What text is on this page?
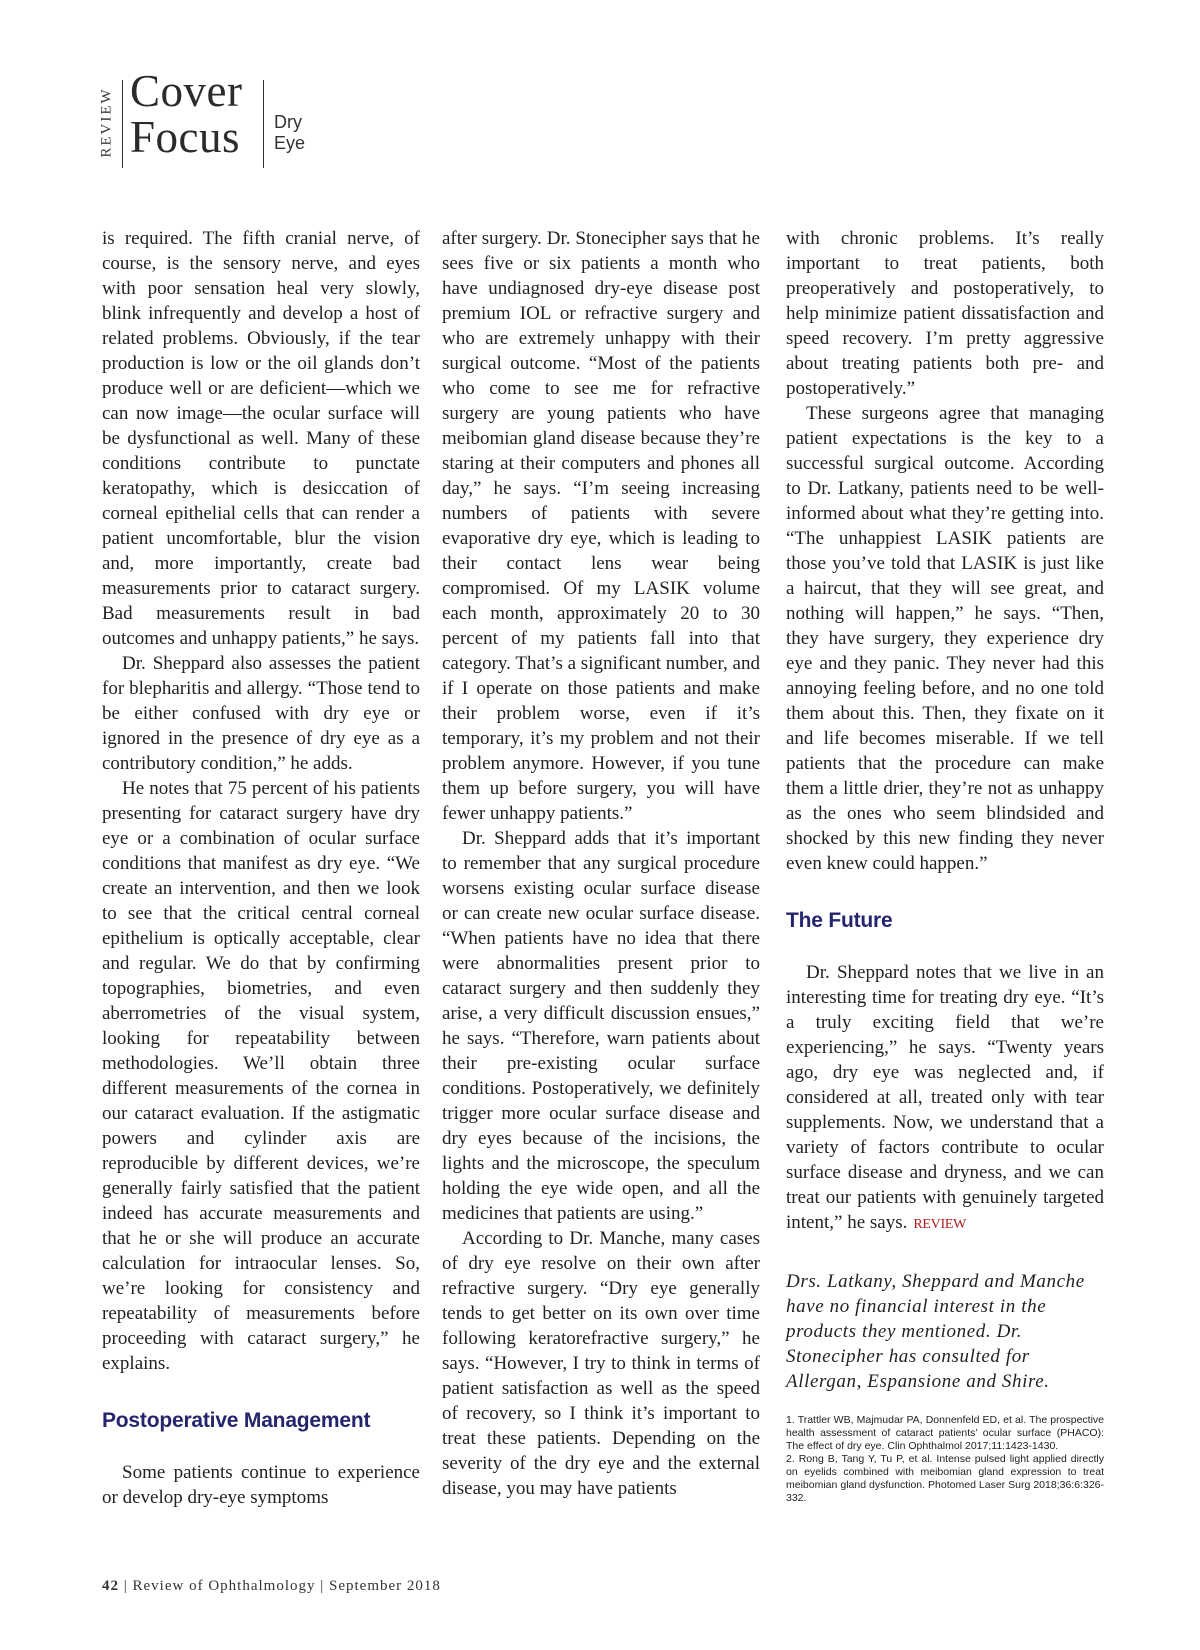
REVIEW Cover
Focus	Dry Eye

is required. The fifth cranial nerve, of course, is the sensory nerve, and eyes with poor sensation heal very slowly, blink infrequently and develop a host of related problems. Obviously, if the tear production is low or the oil glands don’t produce well or are deficient—which we can now image—the ocular surface will be dysfunctional as well. Many of these conditions contribute to punctate keratopathy, which is desiccation of corneal epithelial cells that can render a patient uncomfortable, blur the vision and, more importantly, create bad measurements prior to cataract surgery. Bad measurements result in bad outcomes and unhappy patients,” he says.

Dr. Sheppard also assesses the patient for blepharitis and allergy. “Those tend to be either confused with dry eye or ignored in the presence of dry eye as a contributory condition,” he adds.

He notes that 75 percent of his patients presenting for cataract surgery have dry eye or a combination of ocular surface conditions that manifest as dry eye. “We create an intervention, and then we look to see that the critical central corneal epithelium is optically acceptable, clear and regular. We do that by confirming topographies, biometries, and even aberrometries of the visual system, looking for repeatability between methodologies. We’ll obtain three different measurements of the cornea in our cataract evaluation. If the astigmatic powers and cylinder axis are reproducible by different devices, we’re generally fairly satisfied that the patient indeed has accurate measurements and that he or she will produce an accurate calculation for intraocular lenses. So, we’re looking for consistency and repeatability of measurements before proceeding with cataract surgery,” he explains.

Postoperative Management

Some patients continue to experience or develop dry-eye symptoms

after surgery. Dr. Stonecipher says that he sees five or six patients a month who have undiagnosed dry-eye disease post premium IOL or refractive surgery and who are extremely unhappy with their surgical outcome. “Most of the patients who come to see me for refractive surgery are young patients who have meibomian gland disease because they’re staring at their computers and phones all day,” he says. “I’m seeing increasing numbers of patients with severe evaporative dry eye, which is leading to their contact lens wear being compromised. Of my LASIK volume each month, approximately 20 to 30 percent of my patients fall into that category. That’s a significant number, and if I operate on those patients and make their problem worse, even if it’s temporary, it’s my problem and not their problem anymore. However, if you tune them up before surgery, you will have fewer unhappy patients.”

Dr. Sheppard adds that it’s important to remember that any surgical procedure worsens existing ocular surface disease or can create new ocular surface disease. “When patients have no idea that there were abnormalities present prior to cataract surgery and then suddenly they arise, a very difficult discussion ensues,” he says. “Therefore, warn patients about their pre-existing ocular surface conditions. Postoperatively, we definitely trigger more ocular surface disease and dry eyes because of the incisions, the lights and the microscope, the speculum holding the eye wide open, and all the medicines that patients are using.”

According to Dr. Manche, many cases of dry eye resolve on their own after refractive surgery. “Dry eye generally tends to get better on its own over time following keratorefractive surgery,” he says. “However, I try to think in terms of patient satisfaction as well as the speed of recovery, so I think it’s important to treat these patients. Depending on the severity of the dry eye and the external disease, you may have patients

with chronic problems. It’s really important to treat patients, both preoperatively and postoperatively, to help minimize patient dissatisfaction and speed recovery. I’m pretty aggressive about treating patients both pre- and postoperatively.”

These surgeons agree that managing patient expectations is the key to a successful surgical outcome. According to Dr. Latkany, patients need to be well-informed about what they’re getting into. “The unhappiest LASIK patients are those you’ve told that LASIK is just like a haircut, that they will see great, and nothing will happen,” he says. “Then, they have surgery, they experience dry eye and they panic. They never had this annoying feeling before, and no one told them about this. Then, they fixate on it and life becomes miserable. If we tell patients that the procedure can make them a little drier, they’re not as unhappy as the ones who seem blindsided and shocked by this new finding they never even knew could happen.”

The Future

Dr. Sheppard notes that we live in an interesting time for treating dry eye. “It’s a truly exciting field that we’re experiencing,” he says. “Twenty years ago, dry eye was neglected and, if considered at all, treated only with tear supplements. Now, we understand that a variety of factors contribute to ocular surface disease and dryness, and we can treat our patients with genuinely targeted intent,” he says. REVIEW

Drs. Latkany, Sheppard and Manche have no financial interest in the products they mentioned. Dr. Stonecipher has consulted for Allergan, Espansione and Shire.

1. Trattler WB, Majmudar PA, Donnenfeld ED, et al. The prospective health assessment of cataract patients’ ocular surface (PHACO): The effect of dry eye. Clin Ophthalmol 2017;11:1423-1430.
2. Rong B, Tang Y, Tu P, et al. Intense pulsed light applied directly on eyelids combined with meibomian gland expression to treat meibomian gland dysfunction. Photomed Laser Surg 2018;36:6:326-332.
42 | Review of Ophthalmology | September 2018
